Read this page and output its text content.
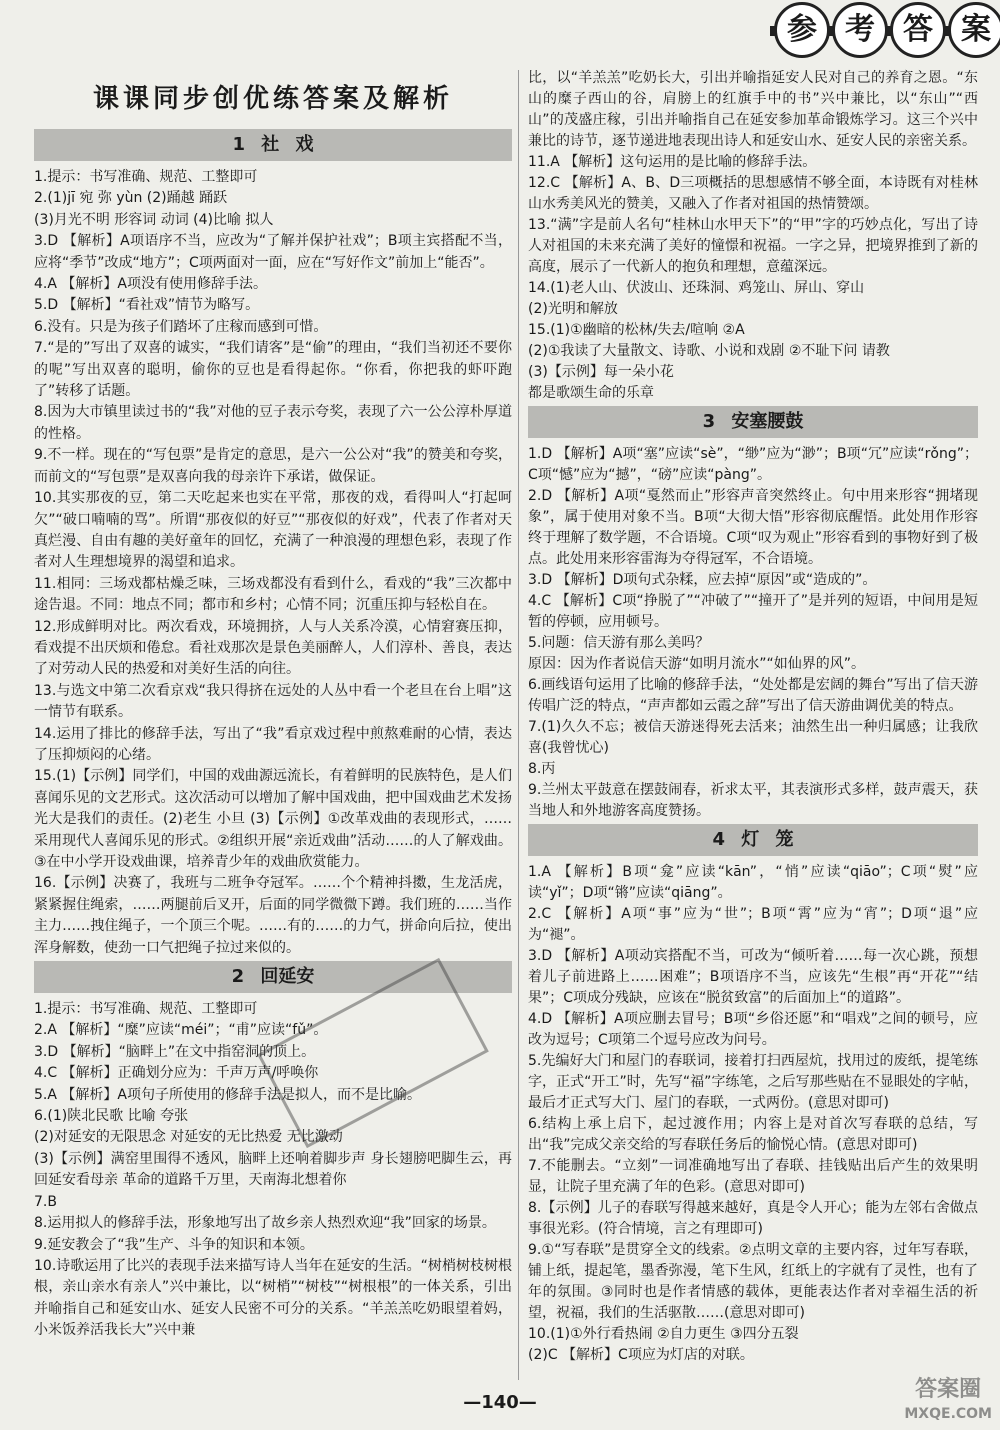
参 考 答 案
课课同步创优练答案及解析
1 社 戏

1.提示：书写准确、规范、工整即可

2.(1)jī 宛 弥 yùn (2)踊越 踊跃
(3)月光不明 形容词 动词 (4)比喻 拟人

3.D 【解析】A项语序不当，应改为“了解并保护社戏”；B项主宾搭配不当，应将“季节”改成“地方”；C项两面对一面，应在“写好作文”前加上“能否”。

4.A 【解析】A项没有使用修辞手法。

5.D 【解析】“看社戏”情节为略写。

6.没有。只是为孩子们踏坏了庄稼而感到可惜。

7.“是的”写出了双喜的诚实，“我们请客”是“偷”的理由，“我们当初还不要你的呢”写出双喜的聪明，偷你的豆也是看得起你。“你看，你把我的虾吓跑了”转移了话题。

8.因为大市镇里读过书的“我”对他的豆子表示夸奖，表现了六一公公淳朴厚道的性格。

9.不一样。现在的“写包票”是肯定的意思，是六一公公对“我”的赞美和夸奖，而前文的“写包票”是双喜向我的母亲许下承诺，做保证。

10.其实那夜的豆，第二天吃起来也实在平常，那夜的戏，看得叫人“打起呵欠”“破口喃喃的骂”。所谓“那夜似的好豆”“那夜似的好戏”，代表了作者对天真烂漫、自由有趣的美好童年的回忆，充满了一种浪漫的理想色彩，表现了作者对人生理想境界的渴望和追求。

11.相同：三场戏都枯燥乏味，三场戏都没有看到什么，看戏的“我”三次都中途告退。不同：地点不同；都市和乡村；心情不同；沉重压抑与轻松自在。

12.形成鲜明对比。两次看戏，环境拥挤，人与人关系冷漠，心情窘赛压抑，看戏提不出厌烦和倦怠。看社戏那次是景色美丽醉人，人们淳朴、善良，表达了对劳动人民的热爱和对美好生活的向往。

13.与选文中第二次看京戏“我只得挤在远处的人丛中看一个老旦在台上唱”这一情节有联系。

14.运用了排比的修辞手法，写出了“我”看京戏过程中煎熬难耐的心情，表达了压抑烦闷的心绪。

15.(1)【示例】同学们，中国的戏曲源远流长，有着鲜明的民族特色，是人们喜闻乐见的文艺形式。这次活动可以增加了解中国戏曲，把中国戏曲艺术发扬光大是我们的责任。(2)老生 小旦 (3)【示例】①改革戏曲的表现形式，……采用现代人喜闻乐见的形式。②组织开展“亲近戏曲”活动……的人了解戏曲。③在中小学开设戏曲课，培养青少年的戏曲欣赏能力。

16.【示例】决赛了，我班与二班争夺冠军。……个个精神抖擞，生龙活虎，紧紧握住绳索，……两腿前后叉开，后面的同学微微下蹲。我们班的……当作主力……拽住绳子，一个顶三个呢。……有的……的力气，拼命向后拉，使出浑身解数，使劲一口气把绳子拉过来似的。

2 回延安

1.提示：书写准确、规范、工整即可

2.A 【解析】“糜”应读“méi”；“甫”应读“fǔ”。

3.D 【解析】“脑畔上”在文中指窑洞的顶上。

4.C 【解析】正确划分应为：千声万声/呼唤你

5.A 【解析】A项句子所使用的修辞手法是拟人，而不是比喻。

6.(1)陕北民歌 比喻 夸张
(2)对延安的无限思念 对延安的无比热爱 无比激动
(3)【示例】满窑里围得不透风，脑畔上还响着脚步声 身长翅膀吧脚生云，再回延安看母亲 革命的道路千万里，天南海北想着你

7.B

8.运用拟人的修辞手法，形象地写出了故乡亲人热烈欢迎“我”回家的场景。

9.延安教会了“我”生产、斗争的知识和本领。

10.诗歌运用了比兴的表现手法来描写诗人当年在延安的生活。“树梢树枝树根根，亲山亲水有亲人”兴中兼比，以“树梢”“树枝”“树根根”的一体关系，引出并喻指自己和延安山水、延安人民密不可分的关系。“羊羔羔吃奶眼望着妈，小米饭养活我长大”兴中兼

比，以“羊羔羔”吃奶长大，引出并喻指延安人民对自己的养育之恩。“东山的糜子西山的谷，肩膀上的红旗手中的书”兴中兼比，以“东山”“西山”的茂盛庄稼，引出并喻指自己在延安参加革命锻炼学习。这三个兴中兼比的诗节，逐节递进地表现出诗人和延安山水、延安人民的亲密关系。

11.A 【解析】这句运用的是比喻的修辞手法。

12.C 【解析】A、B、D三项概括的思想感情不够全面，本诗既有对桂林山水秀美风光的赞美，又融入了作者对祖国的热情赞颂。

13.“满”字是前人名句“桂林山水甲天下”的“甲”字的巧妙点化，写出了诗人对祖国的未来充满了美好的憧憬和祝福。一字之异，把境界推到了新的高度，展示了一代新人的抱负和理想，意蕴深远。

14.(1)老人山、伏波山、还珠洞、鸡笼山、屏山、穿山
(2)光明和解放

15.(1)①幽暗的松林/失去/喧响 ②A
(2)①我读了大量散文、诗歌、小说和戏剧 ②不耻下问 请教
(3)【示例】每一朵小花
都是歌颂生命的乐章

3 安塞腰鼓

1.D 【解析】A项“塞”应读“sè”，“缈”应为“渺”；B项“冗”应读“rǒng”；C项“憾”应为“撼”，“磅”应读“pàng”。

2.D 【解析】A项“戛然而止”形容声音突然终止。句中用来形容“拥堵现象”，属于使用对象不当。B项“大彻大悟”形容彻底醒悟。此处用作形容终于理解了数学题，不合语境。C项“叹为观止”形容看到的事物好到了极点。此处用来形容雷海为夺得冠军，不合语境。

3.D 【解析】D项句式杂糅，应去掉“原因”或“造成的”。

4.C 【解析】C项“挣脱了”“冲破了”“撞开了”是并列的短语，中间用是短暂的停顿，应用顿号。

5.问题：信天游有那么美吗？
原因：因为作者说信天游“如明月流水”“如仙界的风”。

6.画线语句运用了比喻的修辞手法，“处处都是宏阔的舞台”写出了信天游传唱广泛的特点，“声声都如云霞之辞”写出了信天游曲调优美的特点。

7.(1)久久不忘；被信天游迷得死去活来；油然生出一种归属感；让我欣喜(我曾忧心)

8.丙

9.兰州太平鼓意在摆鼓闹春，祈求太平，其表演形式多样，鼓声震天，获当地人和外地游客高度赞扬。

4 灯 笼

1.A 【解析】B项“龛”应读“kān”，“悄”应读“qiāo”；C项“熨”应读“yǐ”；D项“锵”应读“qiāng”。

2.C 【解析】A项“事”应为“世”；B项“霄”应为“宵”；D项“退”应为“褪”。

3.D 【解析】A项动宾搭配不当，可改为“倾听着……每一次心跳，预想着儿子前进路上……困难”；B项语序不当，应该先“生根”再“开花”“结果”；C项成分残缺，应该在“脱贫致富”的后面加上“的道路”。

4.D 【解析】A项应删去冒号；B项“乡俗还愿”和“唱戏”之间的顿号，应改为逗号；C项第二个逗号应改为问号。

5.先编好大门和屋门的春联词，接着打扫西屋炕，找用过的废纸，提笔练字，正式“开工”时，先写“福”字练笔，之后写那些贴在不显眼处的字帖，最后才正式写大门、屋门的春联，一式两份。(意思对即可)

6.结构上承上启下，起过渡作用；内容上是对首次写春联的总结，写出“我”完成父亲交给的写春联任务后的愉悦心情。(意思对即可)

7.不能删去。“立刻”一词准确地写出了春联、挂钱贴出后产生的效果明显，让院子里充满了年的色彩。(意思对即可)

8.【示例】儿子的春联写得越来越好，真是令人开心；能为左邻右舍做点事很光彩。(符合情境，言之有理即可)

9.①“写春联”是贯穿全文的线索。②点明文章的主要内容，过年写春联，铺上纸，提起笔，墨香弥漫，笔下生风，红纸上的字就有了灵性，也有了年的氛围。③同时也是作者情感的载体，更能表达作者对幸福生活的祈望，祝福，我们的生活驱散……(意思对即可)

10.(1)①外行看热闹 ②自力更生 ③四分五裂
(2)C 【解析】C项应为灯店的对联。

—140—
答案圈
MXQE.COM
